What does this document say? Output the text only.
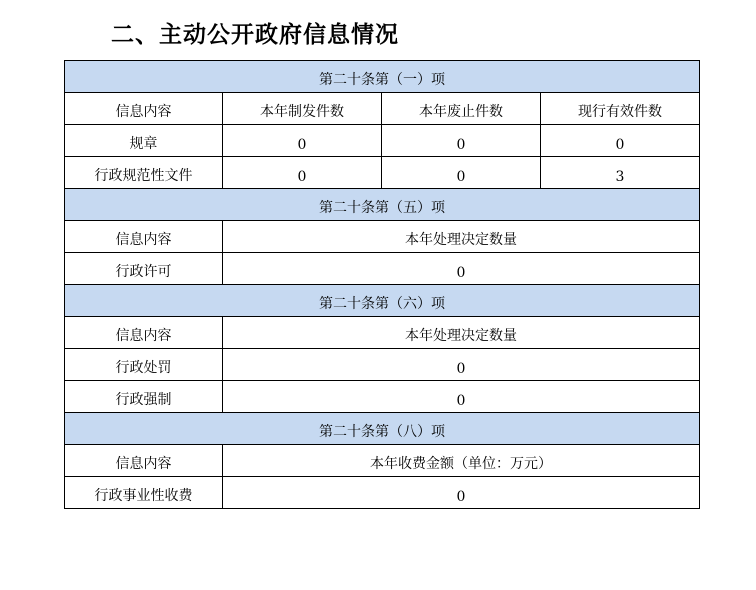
二、主动公开政府信息情况
第二十条第（一）项			
信息内容	本年制发件数	本年废止件数	现行有效件数
规章	0	0	0
行政规范性文件	0	0	3
第二十条第（五）项			
信息内容	本年处理决定数量		
行政许可	0		
第二十条第（六）项			
信息内容	本年处理决定数量		
行政处罚	0		
行政强制	0		
第二十条第（八）项			
信息内容	本年收费金额（单位：万元）		
行政事业性收费	0		
